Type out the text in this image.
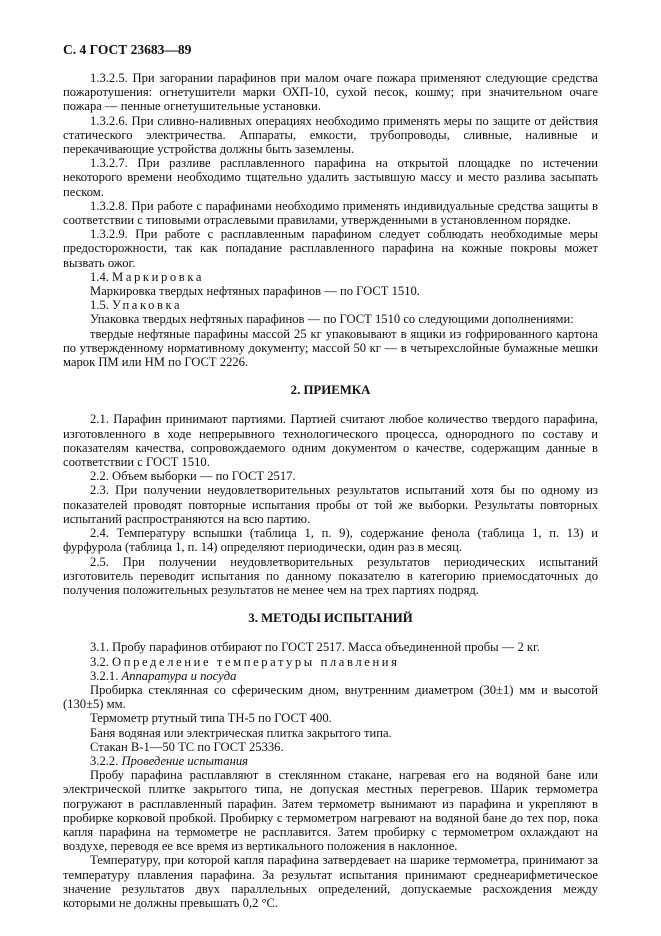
С. 4 ГОСТ 23683—89

1.3.2.5. При загорании парафинов при малом очаге пожара применяют следующие средства пожаротушения: огнетушители марки ОХП-10, сухой песок, кошму; при значительном очаге пожара — пенные огнетушительные установки.

1.3.2.6. При сливно-наливных операциях необходимо применять меры по защите от действия статического электричества. Аппараты, емкости, трубопроводы, сливные, наливные и перекачивающие устройства должны быть заземлены.

1.3.2.7. При разливе расплавленного парафина на открытой площадке по истечении некоторого времени необходимо тщательно удалить застывшую массу и место разлива засыпать песком.

1.3.2.8. При работе с парафинами необходимо применять индивидуальные средства защиты в соответствии с типовыми отраслевыми правилами, утвержденными в установленном порядке.

1.3.2.9. При работе с расплавленным парафином следует соблюдать необходимые меры предосторожности, так как попадание расплавленного парафина на кожные покровы может вызвать ожог.

1.4. Маркировка

Маркировка твердых нефтяных парафинов — по ГОСТ 1510.

1.5. Упаковка

Упаковка твердых нефтяных парафинов — по ГОСТ 1510 со следующими дополнениями:

твердые нефтяные парафины массой 25 кг упаковывают в ящики из гофрированного картона по утвержденному нормативному документу; массой 50 кг — в четырехслойные бумажные мешки марок ПМ или НМ по ГОСТ 2226.

2. ПРИЕМКА

2.1. Парафин принимают партиями. Партией считают любое количество твердого парафина, изготовленного в ходе непрерывного технологического процесса, однородного по составу и показателям качества, сопровождаемого одним документом о качестве, содержащим данные в соответствии с ГОСТ 1510.

2.2. Объем выборки — по ГОСТ 2517.

2.3. При получении неудовлетворительных результатов испытаний хотя бы по одному из показателей проводят повторные испытания пробы от той же выборки. Результаты повторных испытаний распространяются на всю партию.

2.4. Температуру вспышки (таблица 1, п. 9), содержание фенола (таблица 1, п. 13) и фурфурола (таблица 1, п. 14) определяют периодически, один раз в месяц.

2.5. При получении неудовлетворительных результатов периодических испытаний изготовитель переводит испытания по данному показателю в категорию приемосдаточных до получения положительных результатов не менее чем на трех партиях подряд.

3. МЕТОДЫ ИСПЫТАНИЙ

3.1. Пробу парафинов отбирают по ГОСТ 2517. Масса объединенной пробы — 2 кг.

3.2. Определение температуры плавления

3.2.1. Аппаратура и посуда

Пробирка стеклянная со сферическим дном, внутренним диаметром (30±1) мм и высотой (130±5) мм.

Термометр ртутный типа ТН-5 по ГОСТ 400.

Баня водяная или электрическая плитка закрытого типа.

Стакан В-1—50 ТС по ГОСТ 25336.

3.2.2. Проведение испытания

Пробу парафина расплавляют в стеклянном стакане, нагревая его на водяной бане или электрической плитке закрытого типа, не допуская местных перегревов. Шарик термометра погружают в расплавленный парафин. Затем термометр вынимают из парафина и укрепляют в пробирке корковой пробкой. Пробирку с термометром нагревают на водяной бане до тех пор, пока капля парафина на термометре не расплавится. Затем пробирку с термометром охлаждают на воздухе, переводя ее все время из вертикального положения в наклонное.

Температуру, при которой капля парафина затвердевает на шарике термометра, принимают за температуру плавления парафина. За результат испытания принимают среднеарифметическое значение результатов двух параллельных определений, допускаемые расхождения между которыми не должны превышать 0,2 °С.
